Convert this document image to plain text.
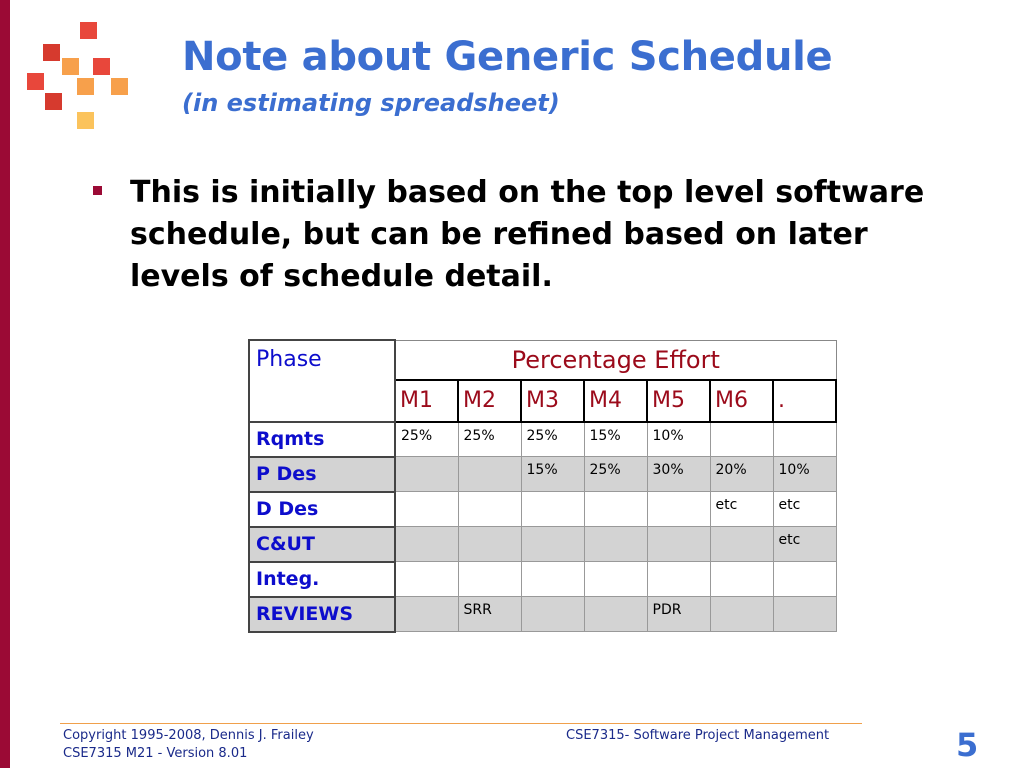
Note about Generic Schedule
(in estimating spreadsheet)

This is initially based on the top level software schedule, but can be refined based on later levels of schedule detail.

Phase	Percentage Effort						
	M1	M2	M3	M4	M5	M6	.
Rqmts	25%	25%	25%	15%	10%		
P Des			15%	25%	30%	20%	10%
D Des						etc	etc
C&UT							etc
Integ.							
REVIEWS		SRR			PDR		
Copyright 1995-2008, Dennis J. Frailey
CSE7315 M21 - Version 8.01
CSE7315- Software Project Management	5
